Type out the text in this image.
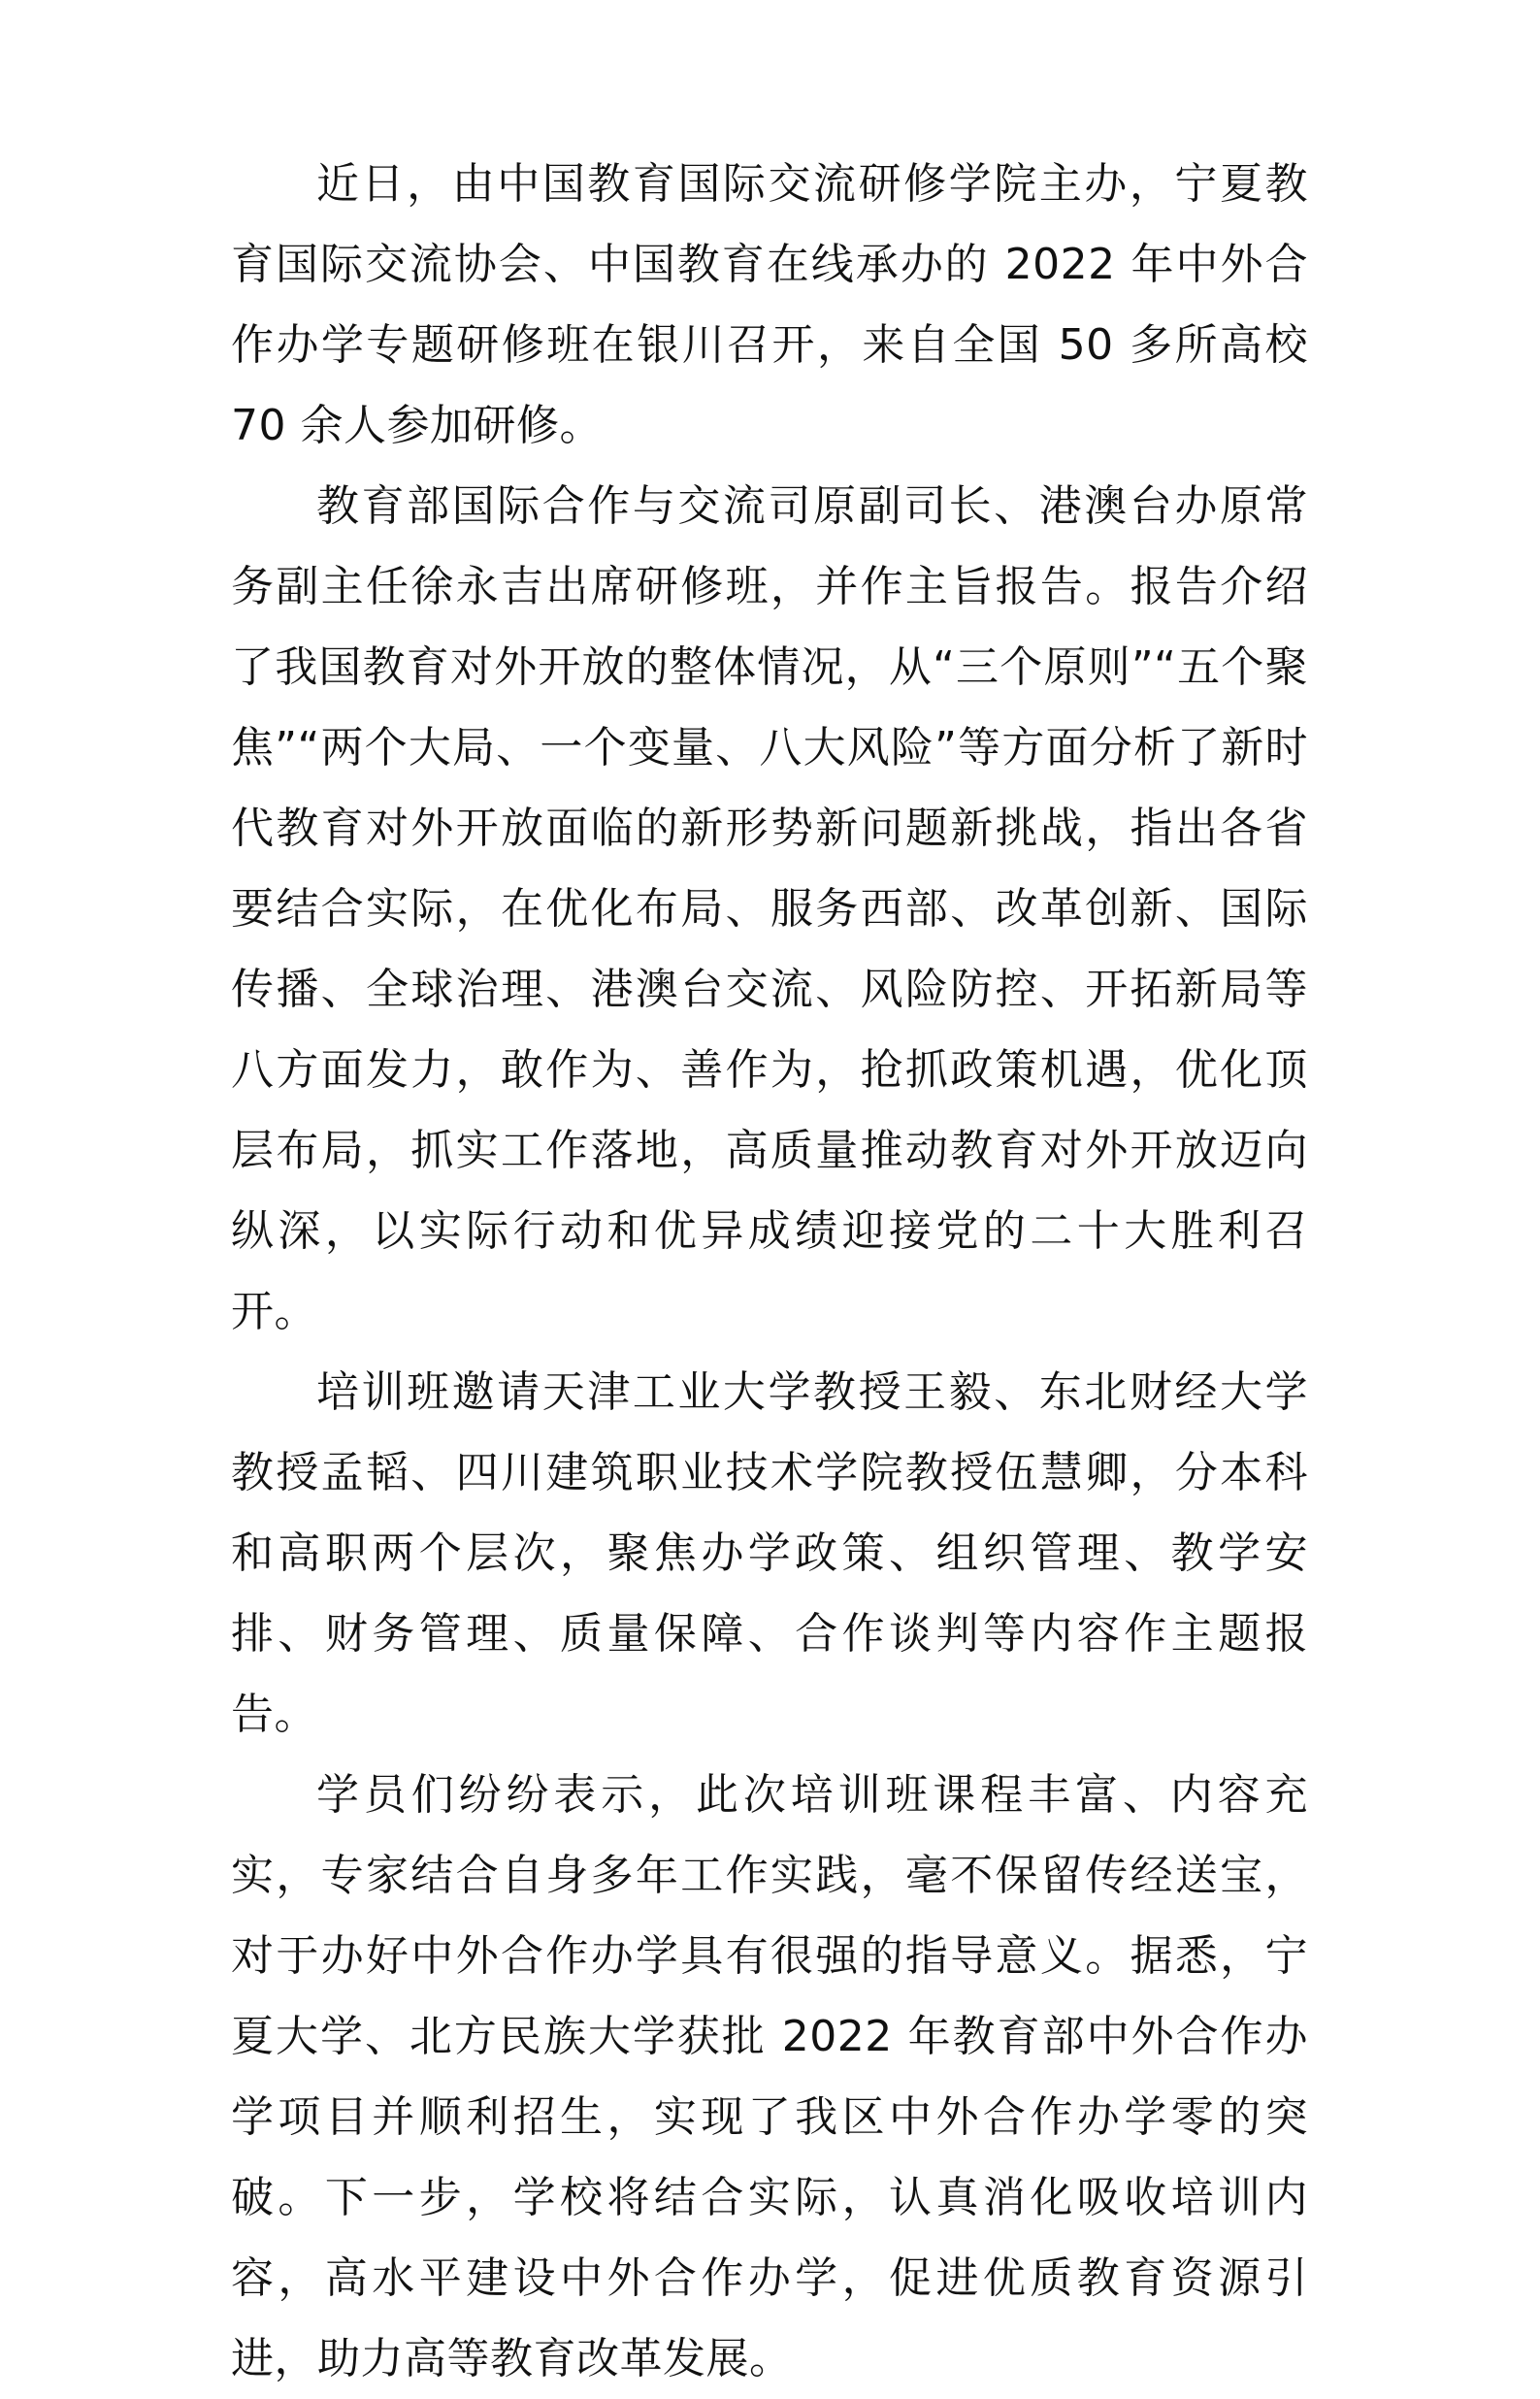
近日，由中国教育国际交流研修学院主办，宁夏教育国际交流协会、中国教育在线承办的 2022 年中外合作办学专题研修班在银川召开，来自全国 50 多所高校 70 余人参加研修。

教育部国际合作与交流司原副司长、港澳台办原常务副主任徐永吉出席研修班，并作主旨报告。报告介绍了我国教育对外开放的整体情况，从“三个原则”“五个聚焦”“两个大局、一个变量、八大风险”等方面分析了新时代教育对外开放面临的新形势新问题新挑战，指出各省要结合实际，在优化布局、服务西部、改革创新、国际传播、全球治理、港澳台交流、风险防控、开拓新局等八方面发力，敢作为、善作为，抢抓政策机遇，优化顶层布局，抓实工作落地，高质量推动教育对外开放迈向纵深，以实际行动和优异成绩迎接党的二十大胜利召开。

培训班邀请天津工业大学教授王毅、东北财经大学教授孟韬、四川建筑职业技术学院教授伍慧卿，分本科和高职两个层次，聚焦办学政策、组织管理、教学安排、财务管理、质量保障、合作谈判等内容作主题报告。

学员们纷纷表示，此次培训班课程丰富、内容充实，专家结合自身多年工作实践，毫不保留传经送宝，对于办好中外合作办学具有很强的指导意义。据悉，宁夏大学、北方民族大学获批 2022 年教育部中外合作办学项目并顺利招生，实现了我区中外合作办学零的突破。下一步，学校将结合实际，认真消化吸收培训内容，高水平建设中外合作办学，促进优质教育资源引进，助力高等教育改革发展。
